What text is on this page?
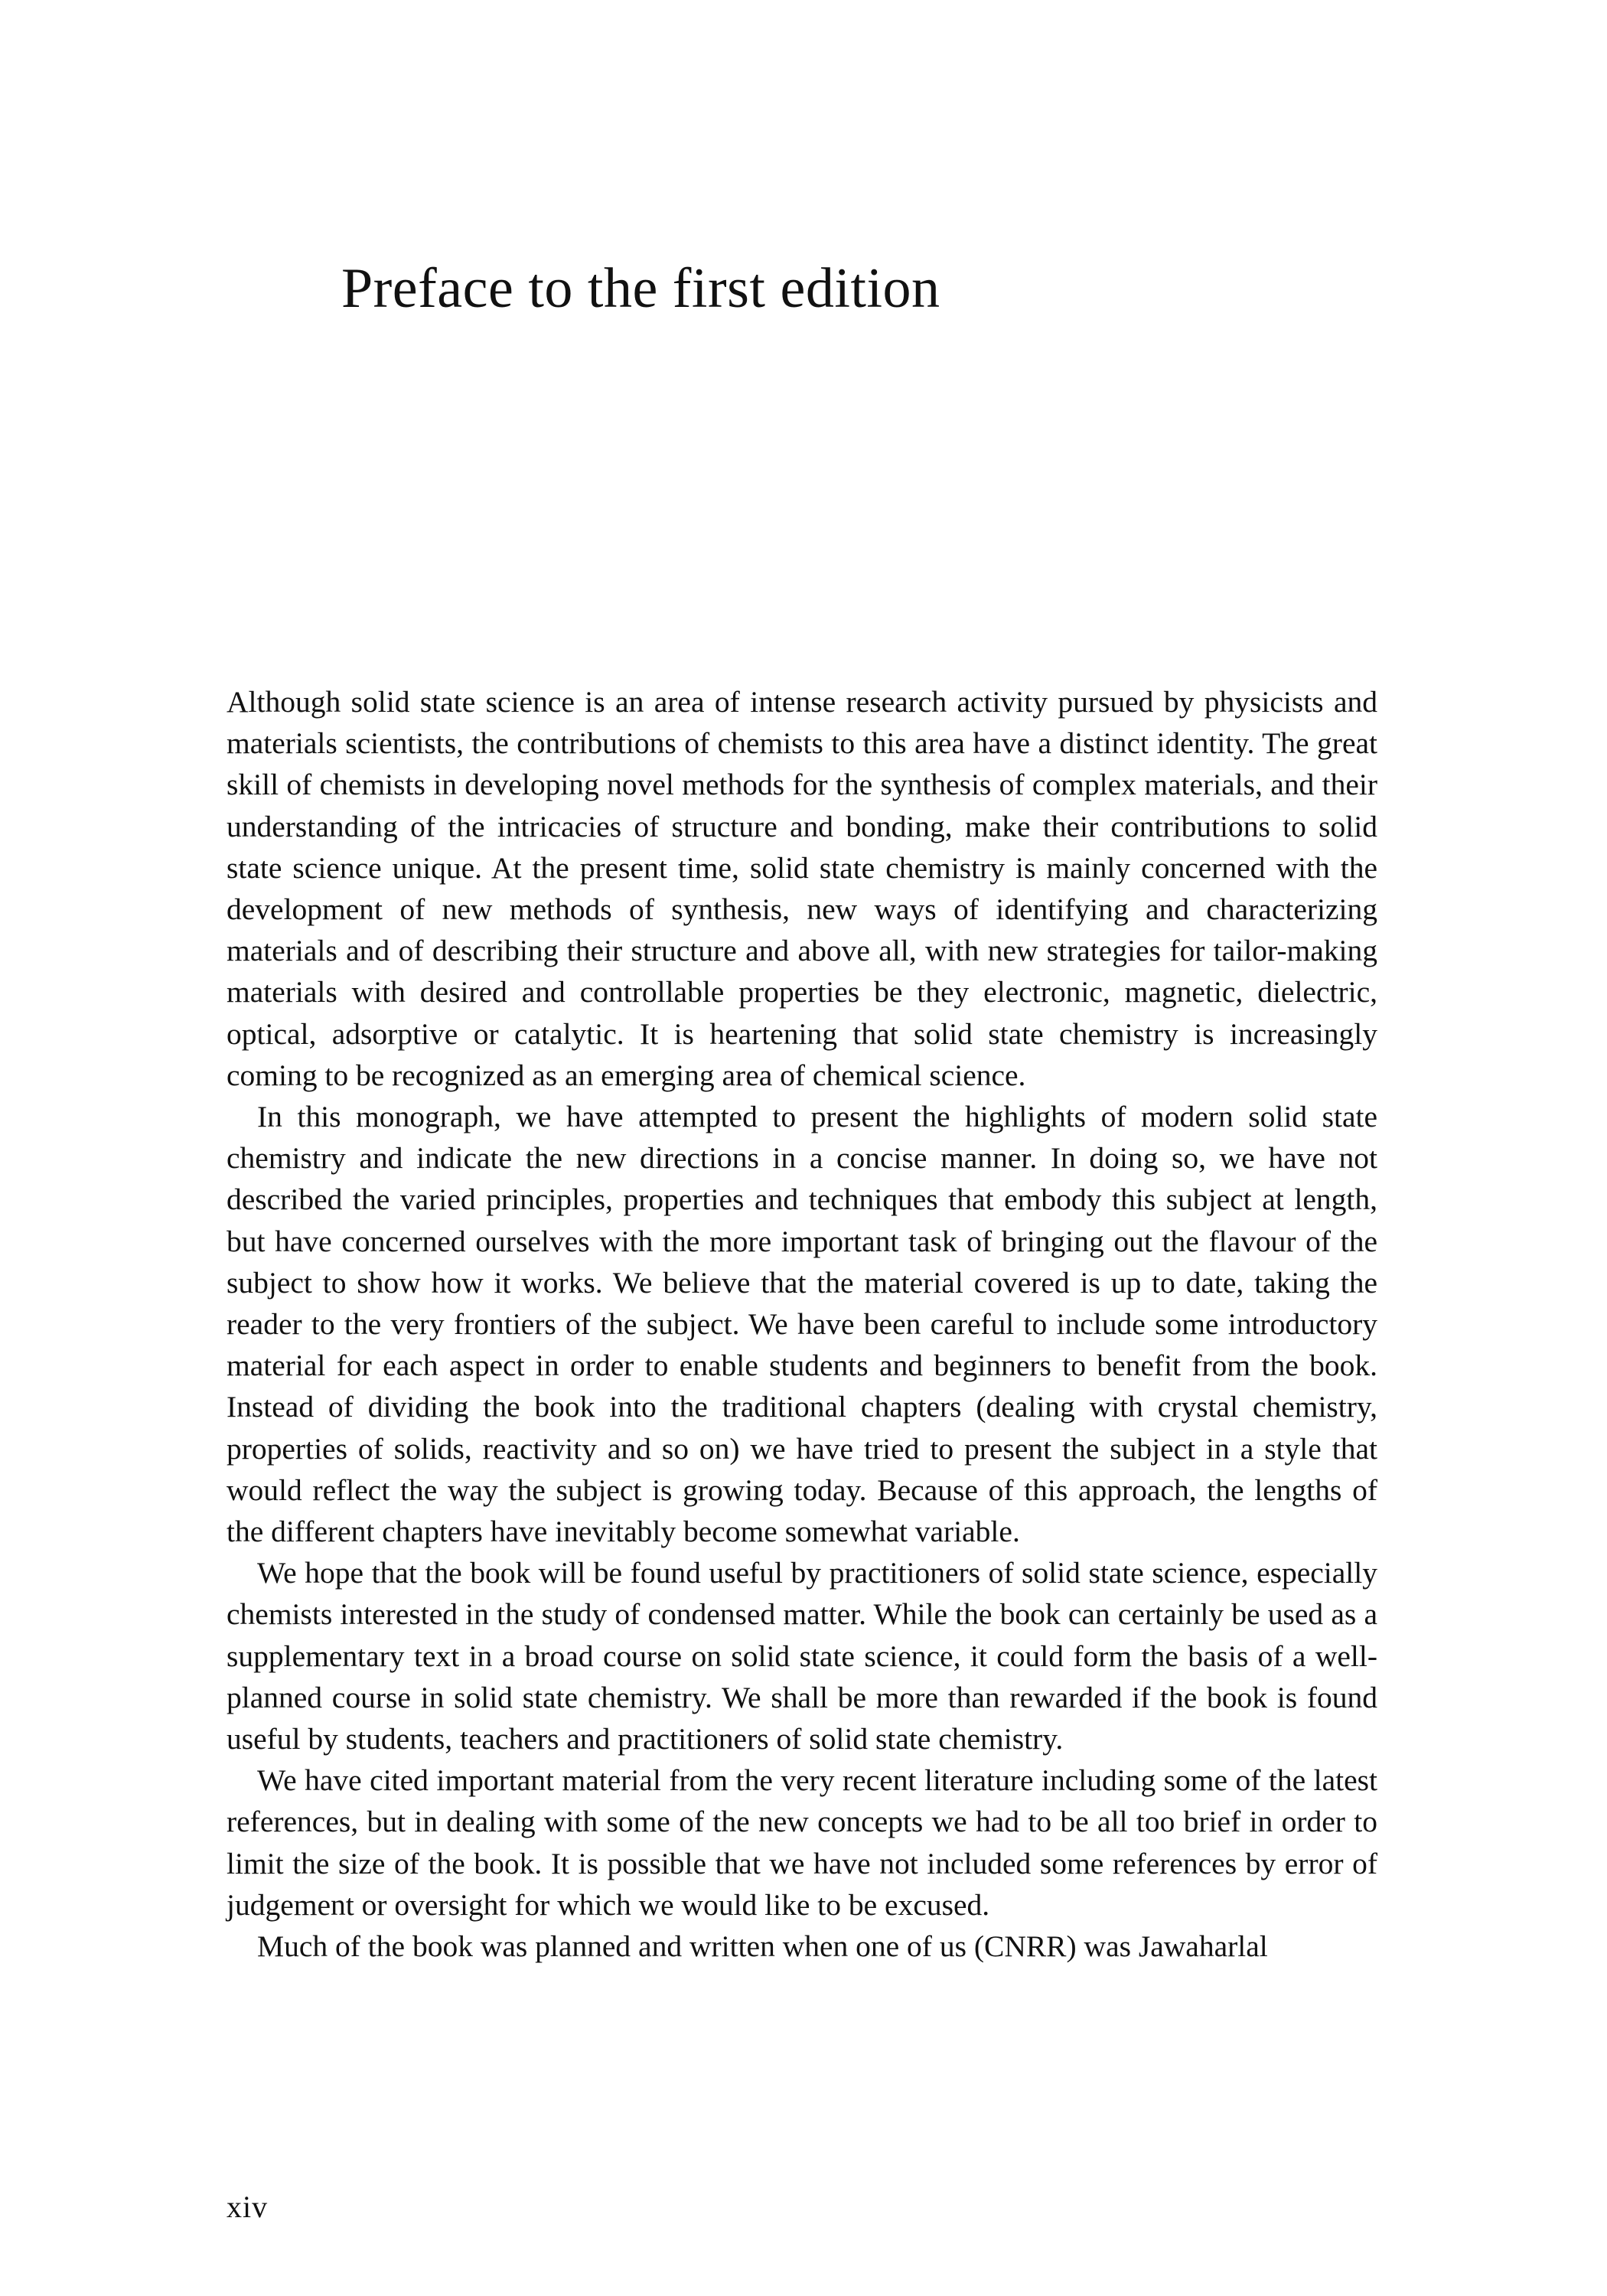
Preface to the first edition

Although solid state science is an area of intense research activity pursued by physicists and materials scientists, the contributions of chemists to this area have a distinct identity. The great skill of chemists in developing novel methods for the synthesis of complex materials, and their understanding of the intricacies of structure and bonding, make their contributions to solid state science unique. At the present time, solid state chemistry is mainly concerned with the development of new methods of synthesis, new ways of identifying and characterizing materials and of describing their structure and above all, with new strategies for tailor-making materials with desired and controllable properties be they electronic, magnetic, dielectric, optical, adsorptive or catalytic. It is heartening that solid state chemistry is increasingly coming to be recognized as an emerging area of chemical science.

In this monograph, we have attempted to present the highlights of modern solid state chemistry and indicate the new directions in a concise manner. In doing so, we have not described the varied principles, properties and techniques that embody this subject at length, but have concerned ourselves with the more important task of bringing out the flavour of the subject to show how it works. We believe that the material covered is up to date, taking the reader to the very frontiers of the subject. We have been careful to include some introductory material for each aspect in order to enable students and beginners to benefit from the book. Instead of dividing the book into the traditional chapters (dealing with crystal chemistry, properties of solids, reactivity and so on) we have tried to present the subject in a style that would reflect the way the subject is growing today. Because of this approach, the lengths of the different chapters have inevitably become somewhat variable.

We hope that the book will be found useful by practitioners of solid state science, especially chemists interested in the study of condensed matter. While the book can certainly be used as a supplementary text in a broad course on solid state science, it could form the basis of a well-planned course in solid state chemistry. We shall be more than rewarded if the book is found useful by students, teachers and practitioners of solid state chemistry.

We have cited important material from the very recent literature including some of the latest references, but in dealing with some of the new concepts we had to be all too brief in order to limit the size of the book. It is possible that we have not included some references by error of judgement or oversight for which we would like to be excused.

Much of the book was planned and written when one of us (CNRR) was Jawaharlal

xiv
